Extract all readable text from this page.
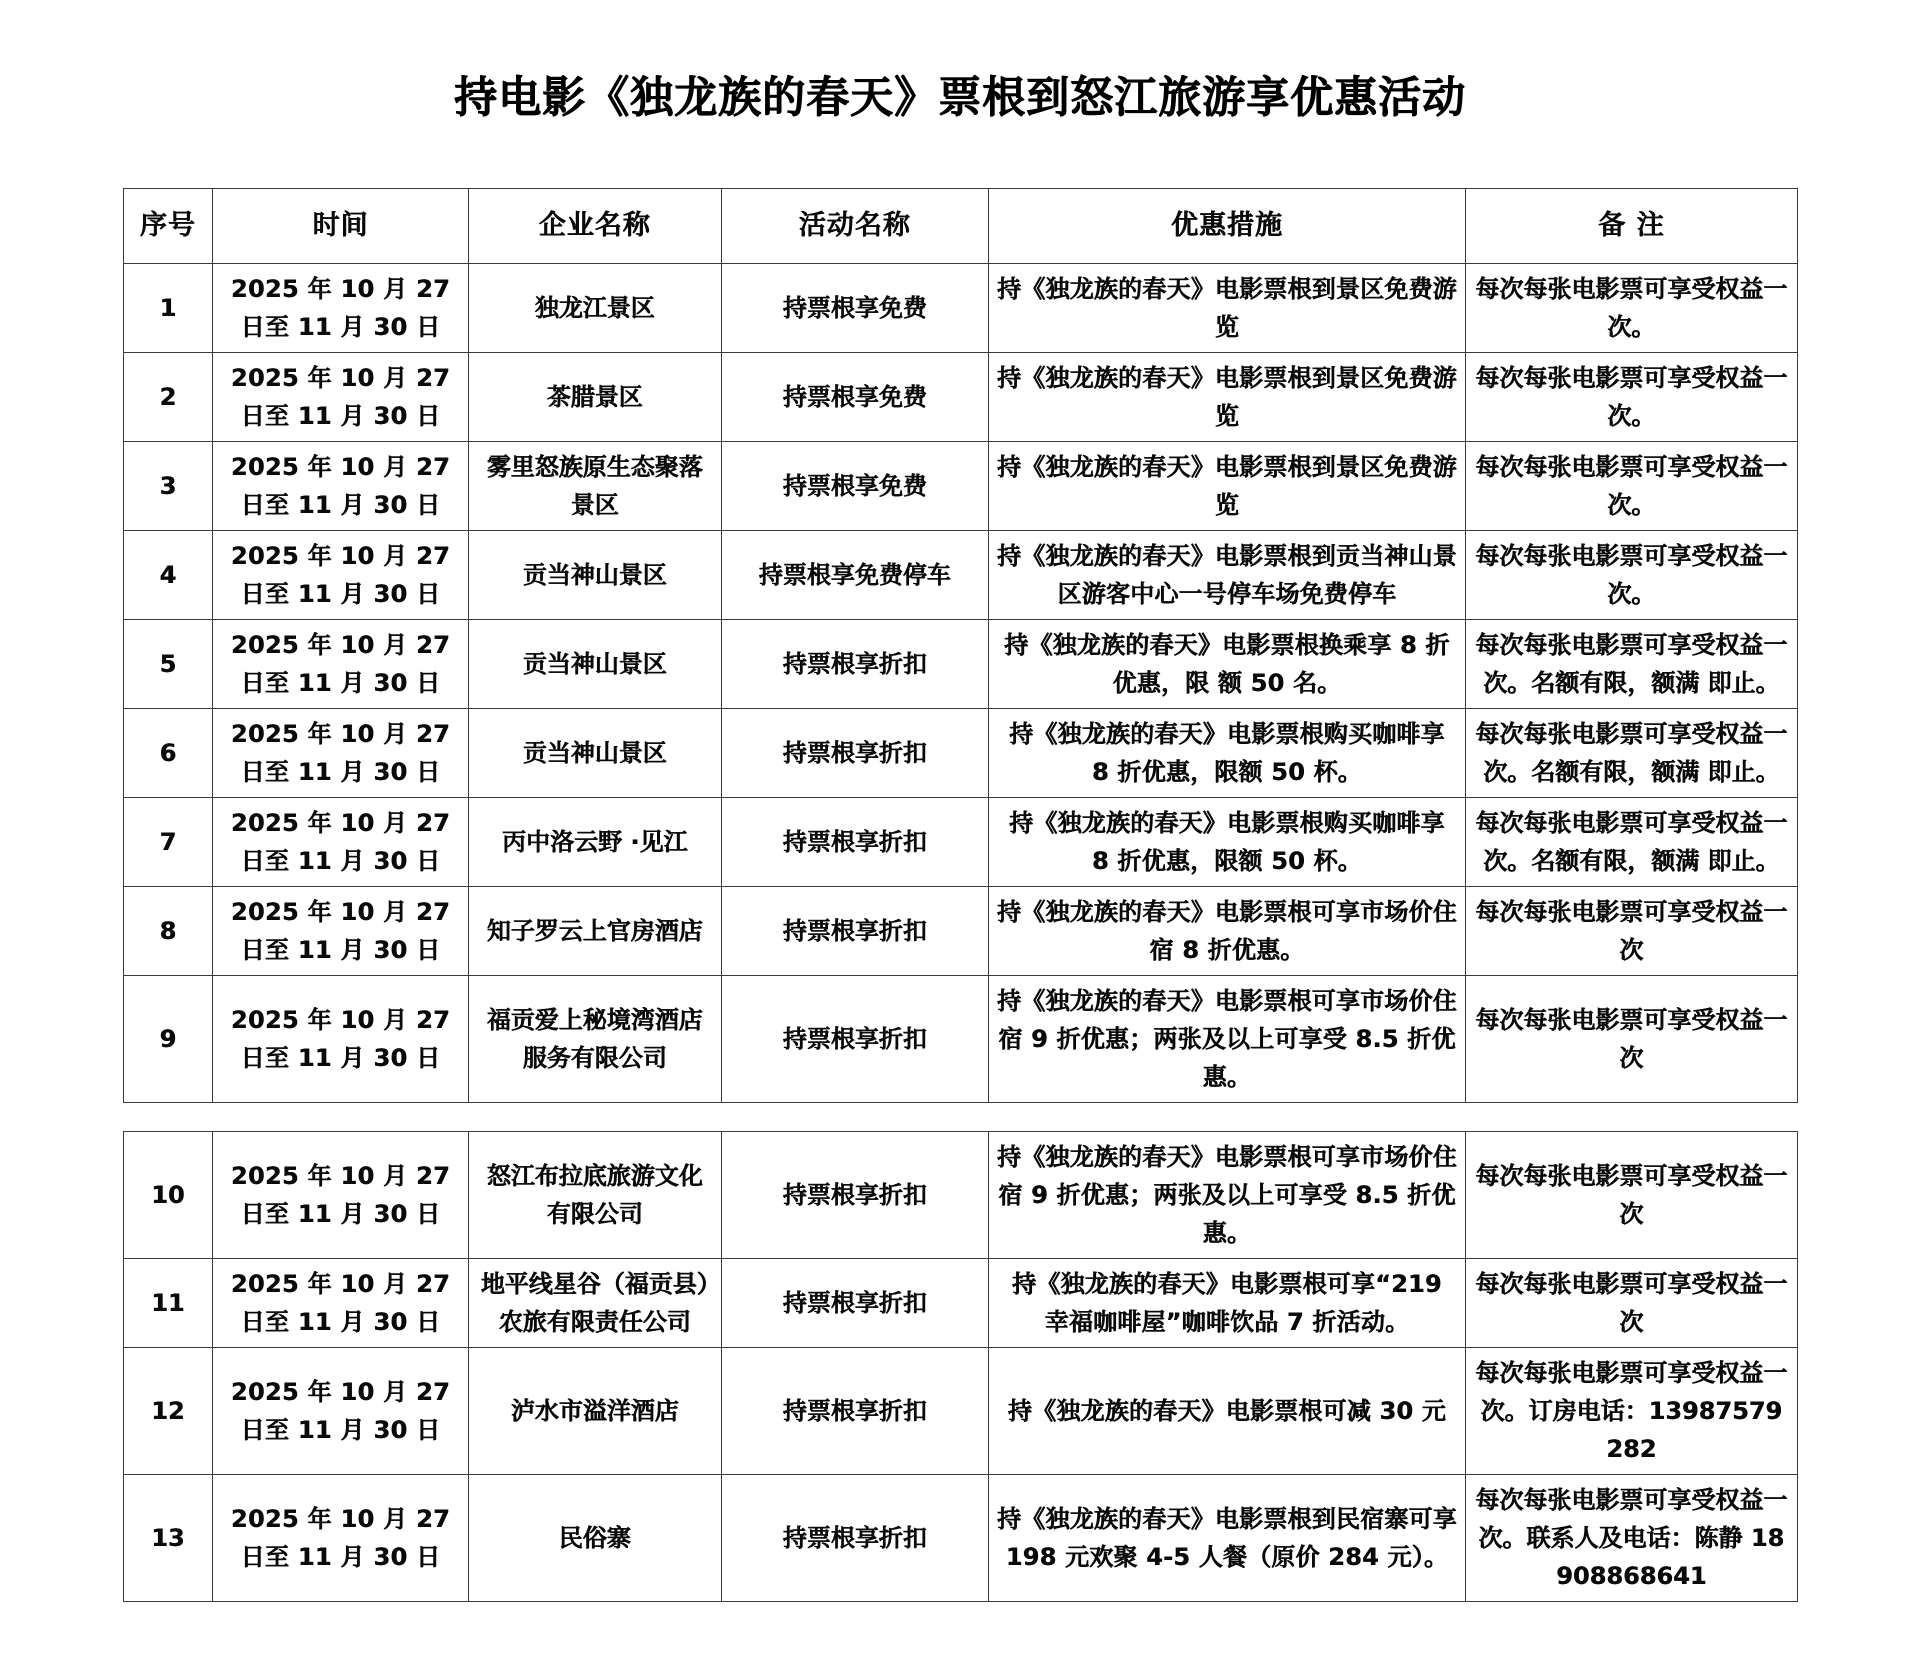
持电影《独龙族的春天》票根到怒江旅游享优惠活动
序号	时间	企业名称	活动名称	优惠措施	备 注
1	2025 年 10 月 27 日至 11 月 30 日	独龙江景区	持票根享免费	持《独龙族的春天》电影票根到景区免费游览	每次每张电影票可享受权益一次。
2	2025 年 10 月 27 日至 11 月 30 日	茶腊景区	持票根享免费	持《独龙族的春天》电影票根到景区免费游览	每次每张电影票可享受权益一次。
3	2025 年 10 月 27 日至 11 月 30 日	雾里怒族原生态聚落景区	持票根享免费	持《独龙族的春天》电影票根到景区免费游览	每次每张电影票可享受权益一次。
4	2025 年 10 月 27 日至 11 月 30 日	贡当神山景区	持票根享免费停车	持《独龙族的春天》电影票根到贡当神山景区游客中心一号停车场免费停车	每次每张电影票可享受权益一次。
5	2025 年 10 月 27 日至 11 月 30 日	贡当神山景区	持票根享折扣	持《独龙族的春天》电影票根换乘享 8 折优惠，限 额 50 名。	每次每张电影票可享受权益一次。名额有限，额满 即止。
6	2025 年 10 月 27 日至 11 月 30 日	贡当神山景区	持票根享折扣	持《独龙族的春天》电影票根购买咖啡享 8 折优惠，限额 50 杯。	每次每张电影票可享受权益一次。名额有限，额满 即止。
7	2025 年 10 月 27 日至 11 月 30 日	丙中洛云野 ·见江	持票根享折扣	持《独龙族的春天》电影票根购买咖啡享 8 折优惠，限额 50 杯。	每次每张电影票可享受权益一次。名额有限，额满 即止。
8	2025 年 10 月 27 日至 11 月 30 日	知子罗云上官房酒店	持票根享折扣	持《独龙族的春天》电影票根可享市场价住宿 8 折优惠。	每次每张电影票可享受权益一次
9	2025 年 10 月 27 日至 11 月 30 日	福贡爱上秘境湾酒店服务有限公司	持票根享折扣	持《独龙族的春天》电影票根可享市场价住宿 9 折优惠；两张及以上可享受 8.5 折优惠。	每次每张电影票可享受权益一次
10	2025 年 10 月 27 日至 11 月 30 日	怒江布拉底旅游文化有限公司	持票根享折扣	持《独龙族的春天》电影票根可享市场价住宿 9 折优惠；两张及以上可享受 8.5 折优惠。	每次每张电影票可享受权益一次
11	2025 年 10 月 27 日至 11 月 30 日	地平线星谷（福贡县）农旅有限责任公司	持票根享折扣	持《独龙族的春天》电影票根可享“219 幸福咖啡屋”咖啡饮品 7 折活动。	每次每张电影票可享受权益一次
12	2025 年 10 月 27 日至 11 月 30 日	泸水市溢洋酒店	持票根享折扣	持《独龙族的春天》电影票根可减 30 元	每次每张电影票可享受权益一次。订房电话：13987579282
13	2025 年 10 月 27 日至 11 月 30 日	民俗寨	持票根享折扣	持《独龙族的春天》电影票根到民宿寨可享 198 元欢聚 4-5 人餐（原价 284 元）。	每次每张电影票可享受权益一次。联系人及电话：陈静 18908868641
